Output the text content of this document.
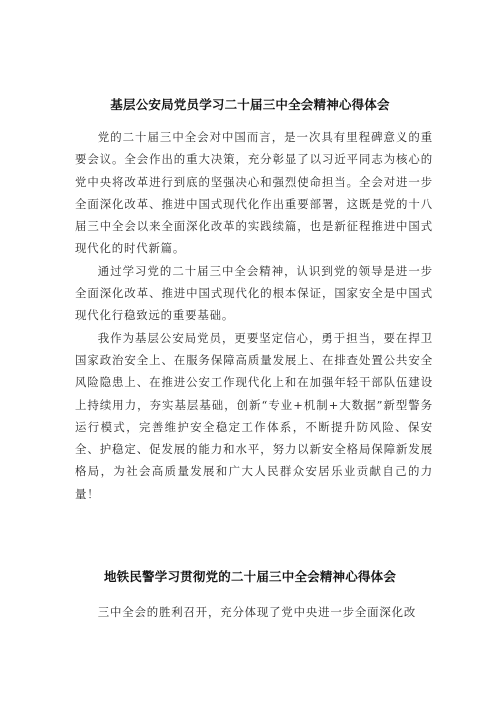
基层公安局党员学习二十届三中全会精神心得体会

党的二十届三中全会对中国而言，是一次具有里程碑意义的重要会议。全会作出的重大决策，充分彰显了以习近平同志为核心的党中央将改革进行到底的坚强决心和强烈使命担当。全会对进一步全面深化改革、推进中国式现代化作出重要部署，这既是党的十八届三中全会以来全面深化改革的实践续篇，也是新征程推进中国式现代化的时代新篇。

通过学习党的二十届三中全会精神，认识到党的领导是进一步全面深化改革、推进中国式现代化的根本保证，国家安全是中国式现代化行稳致远的重要基础。

我作为基层公安局党员，更要坚定信心，勇于担当，要在捍卫国家政治安全上、在服务保障高质量发展上、在排查处置公共安全风险隐患上、在推进公安工作现代化上和在加强年轻干部队伍建设上持续用力，夯实基层基础，创新“专业+机制+大数据”新型警务运行模式，完善维护安全稳定工作体系，不断提升防风险、保安全、护稳定、促发展的能力和水平，努力以新安全格局保障新发展格局，为社会高质量发展和广大人民群众安居乐业贡献自己的力量！

地铁民警学习贯彻党的二十届三中全会精神心得体会

三中全会的胜利召开，充分体现了党中央进一步全面深化改
